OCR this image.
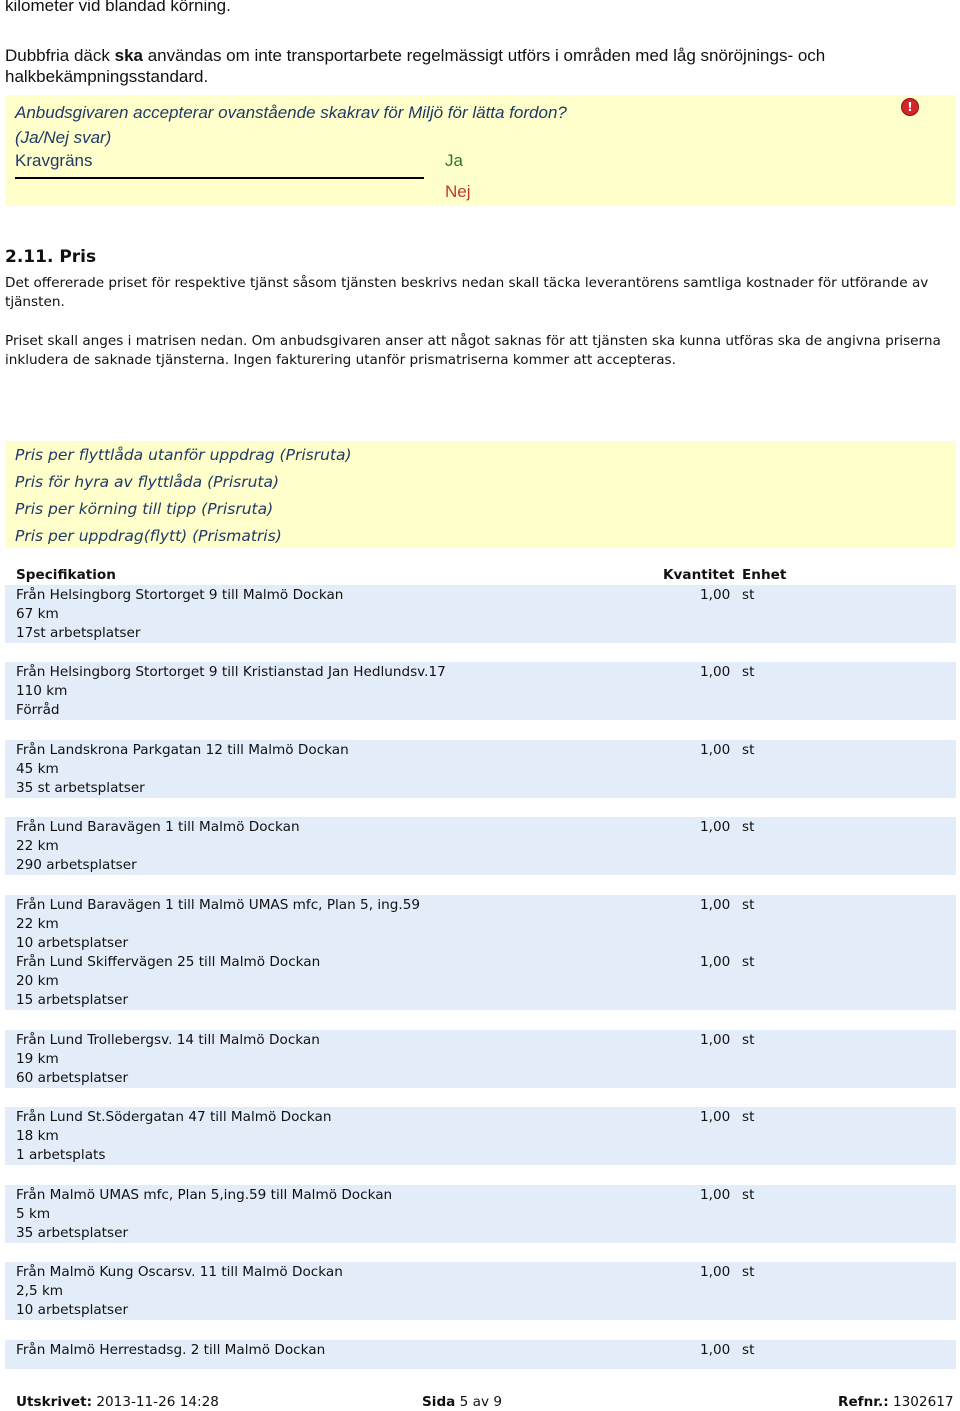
kilometer vid blandad körning.
Dubbfria däck ska användas om inte transportarbete regelmässigt utförs i områden med låg snöröjnings- och halkbekämpningsstandard.
Anbudsgivaren accepterar ovanstående skakrav för Miljö för lätta fordon? (Ja/Nej svar)
Kravgräns	Ja
Nej
!
2.11. Pris
Det offererade priset för respektive tjänst såsom tjänsten beskrivs nedan skall täcka leverantörens samtliga kostnader för utförande av tjänsten.
Priset skall anges i matrisen nedan. Om anbudsgivaren anser att något saknas för att tjänsten ska kunna utföras ska de angivna priserna inkludera de saknade tjänsterna. Ingen fakturering utanför prismatriserna kommer att accepteras.
Pris per flyttlåda utanför uppdrag (Prisruta)
Pris för hyra av flyttlåda (Prisruta)
Pris per körning till tipp (Prisruta)
Pris per uppdrag(flytt) (Prismatris)
Specifikation	Kvantitet Enhet
Från Helsingborg Stortorget 9 till Malmö Dockan
67 km
17st arbetsplatser
1,00 st
Från Helsingborg Stortorget 9 till Kristianstad Jan Hedlundsv.17
110 km
Förråd
1,00 st
Från Landskrona Parkgatan 12 till Malmö Dockan
45 km
35 st arbetsplatser
1,00 st
Från Lund Baravägen 1 till Malmö Dockan
22 km
290 arbetsplatser
1,00 st
Från Lund Baravägen 1 till Malmö UMAS mfc, Plan 5, ing.59
22 km
10 arbetsplatser
1,00 st
Från Lund Skiffervägen 25 till Malmö Dockan
20 km
15 arbetsplatser
1,00 st
Från Lund Trollebergsv. 14 till Malmö Dockan
19 km
60 arbetsplatser
1,00 st
Från Lund St.Södergatan 47 till Malmö Dockan
18 km
1 arbetsplats
1,00 st
Från Malmö UMAS mfc, Plan 5,ing.59 till Malmö Dockan
5 km
35 arbetsplatser
1,00 st
Från Malmö Kung Oscarsv. 11 till Malmö Dockan
2,5 km
10 arbetsplatser
1,00 st
Från Malmö Herrestadsg. 2 till Malmö Dockan	1,00 st
Utskrivet: 2013-11-26 14:28	Sida 5 av 9	Refnr.: 1302617
